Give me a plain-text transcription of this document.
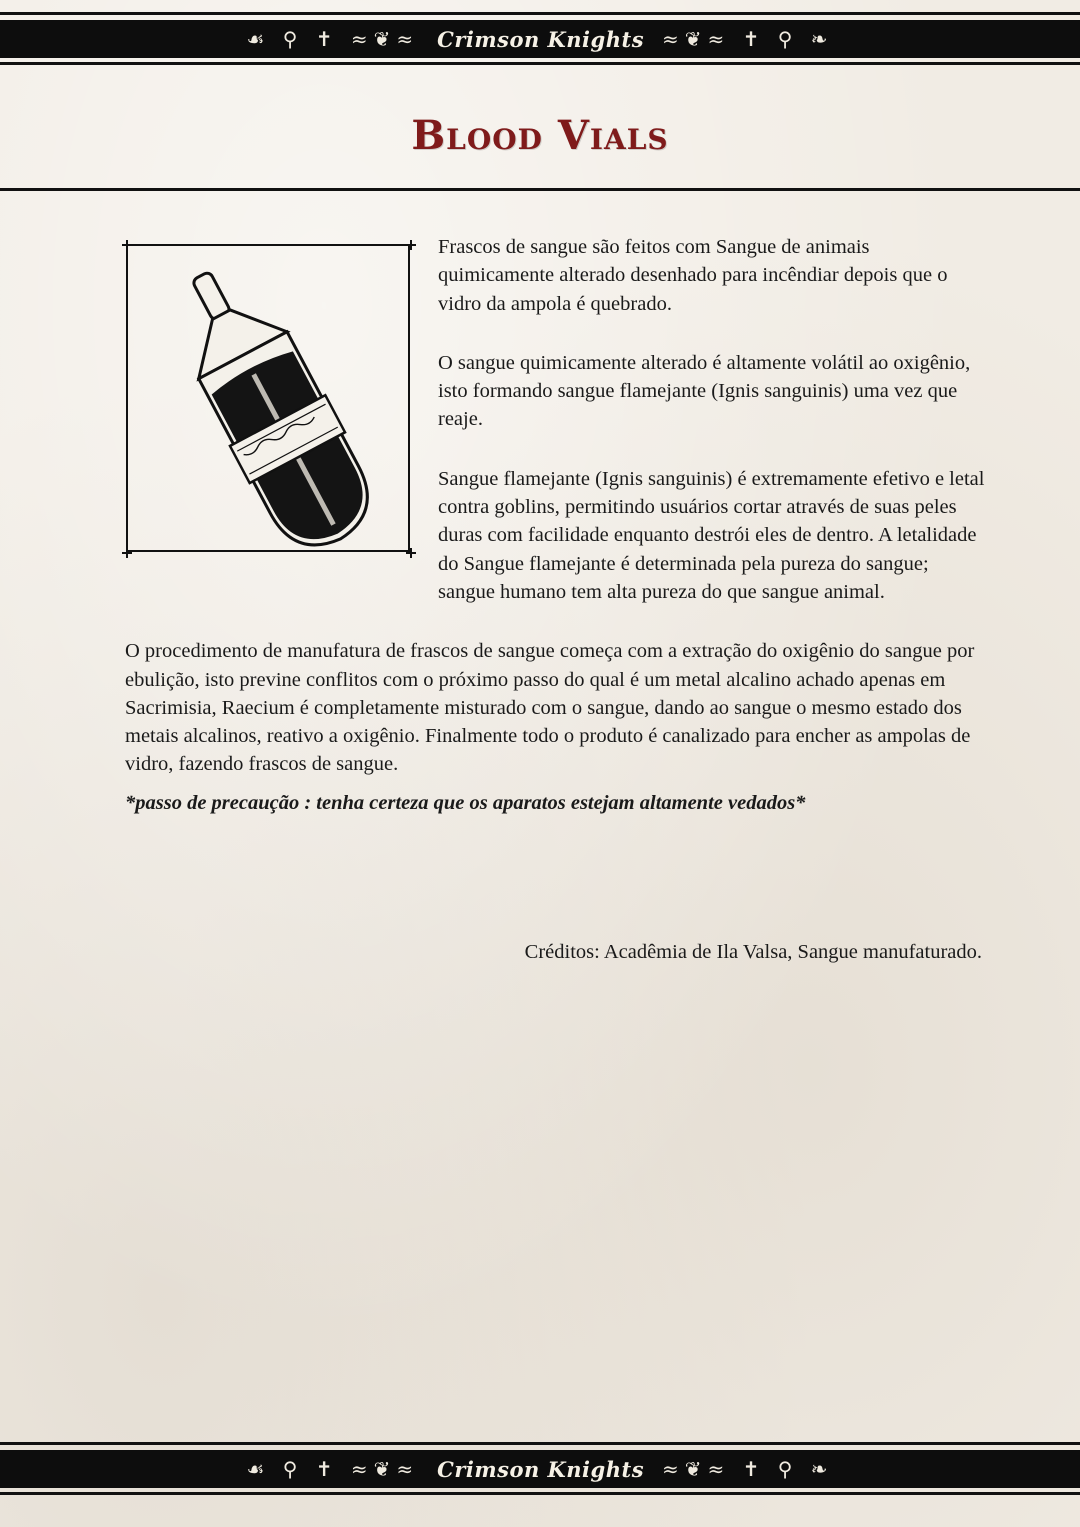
☙ ⚲ ✝ ≈❦≈ Crimson Knights ≈❦≈ ✝ ⚲ ❧
Blood Vials

Frascos de sangue são feitos com Sangue de animais quimicamente alterado desenhado para incêndiar depois que o vidro da ampola é quebrado.

O sangue quimicamente alterado é altamente volátil ao oxigênio, isto formando sangue flamejante (Ignis sanguinis) uma vez que reaje.

Sangue flamejante (Ignis sanguinis) é extremamente efetivo e letal contra goblins, permitindo usuários cortar através de suas peles duras com facilidade enquanto destrói eles de dentro. A letalidade do Sangue flamejante é determinada pela pureza do sangue; sangue humano tem alta pureza do que sangue animal.

O procedimento de manufatura de frascos de sangue começa com a extração do oxigênio do sangue por ebulição, isto previne conflitos com o próximo passo do qual é um metal alcalino achado apenas em Sacrimisia, Raecium é completamente misturado com o sangue, dando ao sangue o mesmo estado dos metais alcalinos, reativo a oxigênio. Finalmente todo o produto é canalizado para encher as ampolas de vidro, fazendo frascos de sangue.

*passo de precaução : tenha certeza que os aparatos estejam altamente vedados*

Créditos: Acadêmia de Ila Valsa, Sangue manufaturado.
☙ ⚲ ✝ ≈❦≈ Crimson Knights ≈❦≈ ✝ ⚲ ❧
